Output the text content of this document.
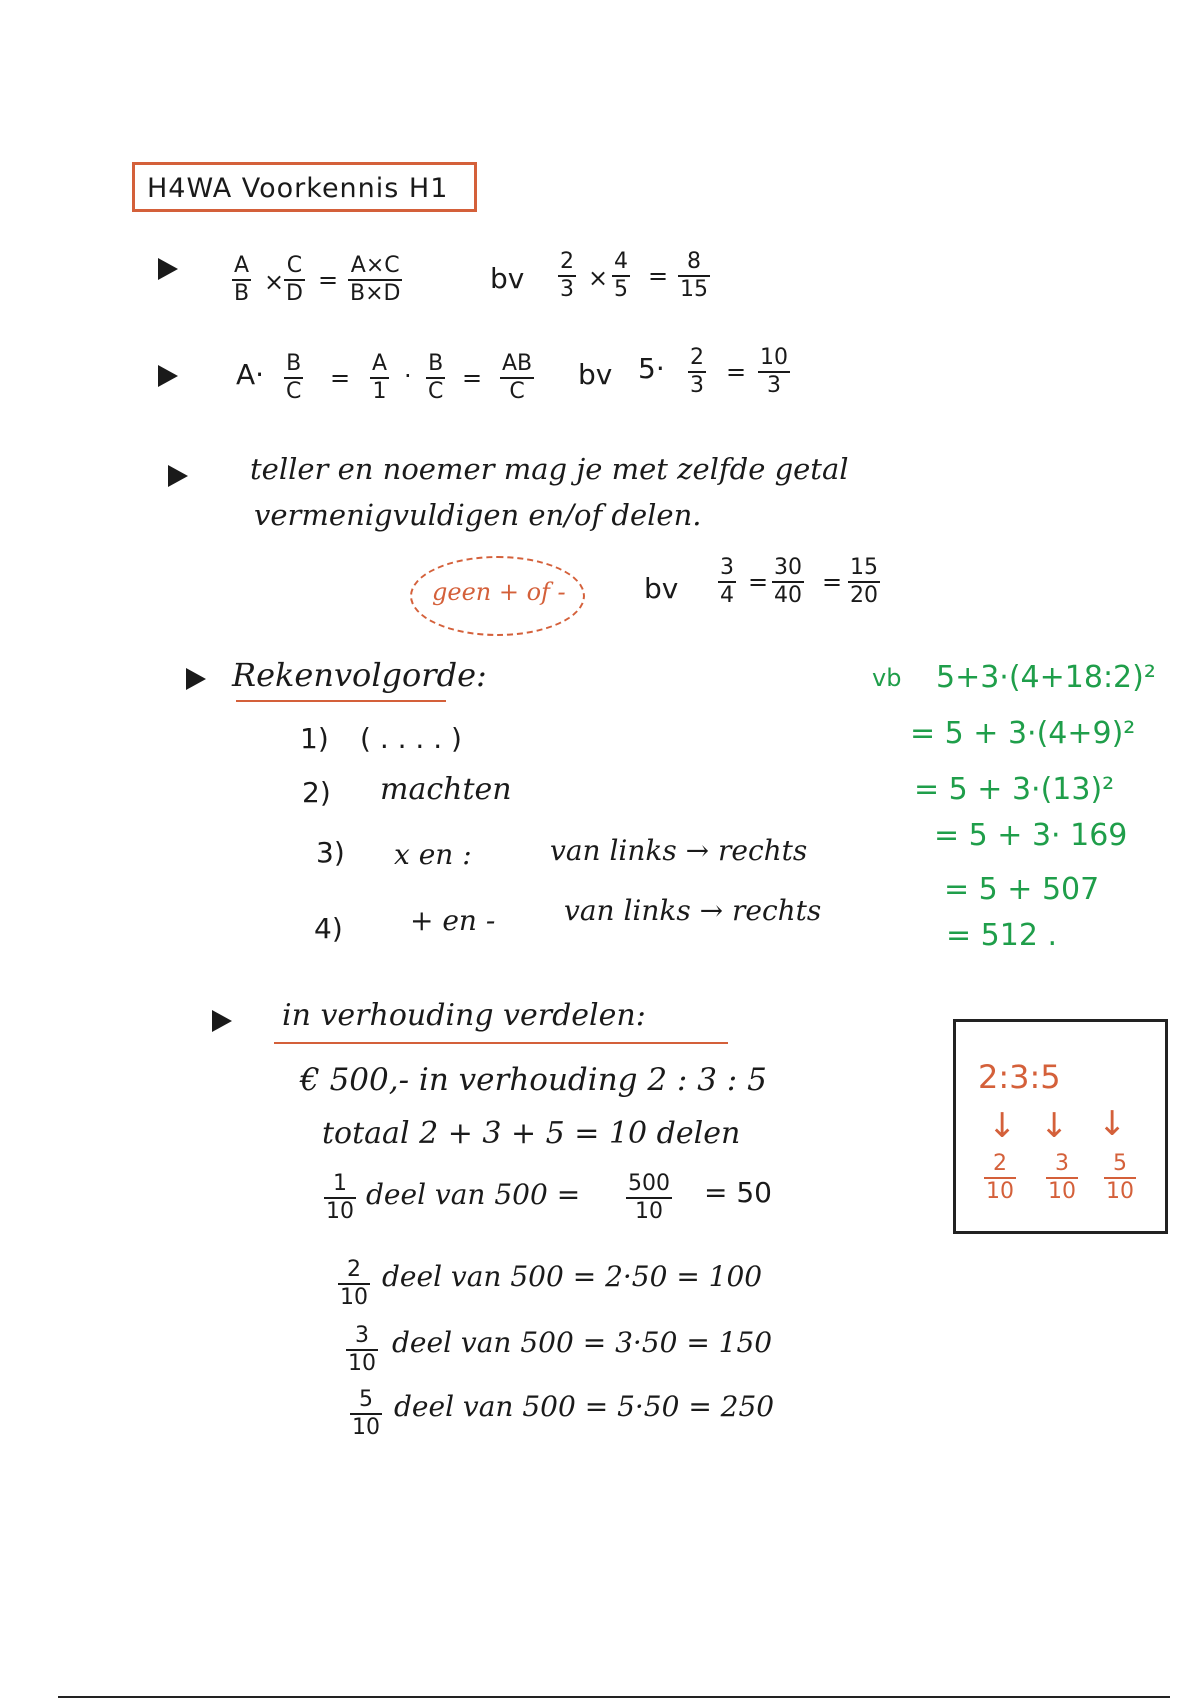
H4WA Voorkennis H1
A
B ×
C
D =
A×C
B×D	bv
2
3 ×
4
5 =
8
15
A· B
C =
A
1
· B
C =
AB
C
bv 5· 2
3 =
10
3
teller en noemer mag je met zelfde getal
vermenigvuldigen en/of delen.
geen + of -	bv
3
4 =
30
40 =
15
20
Rekenvolgorde:
1) ( . . . . )
2) machten
3) x en :	van links → rechts
4) + en - van links → rechts
vb 5+3·(4+18:2)²
= 5 + 3·(4+9)²
= 5 + 3·(13)²
= 5 + 3· 169
= 5 + 507
= 512 .
in verhouding verdelen:
€ 500,- in verhouding 2 : 3 : 5
totaal 2 + 3 + 5 = 10 delen
1
10
deel van 500 = 500
10
= 50
2
10
deel van 500 = 2·50 = 100
3
10
deel van 500 = 3·50 = 150
5
10
deel van 500 = 5·50 = 250
2:3:5
↓ ↓ ↓
2
10
3
10
5
10
